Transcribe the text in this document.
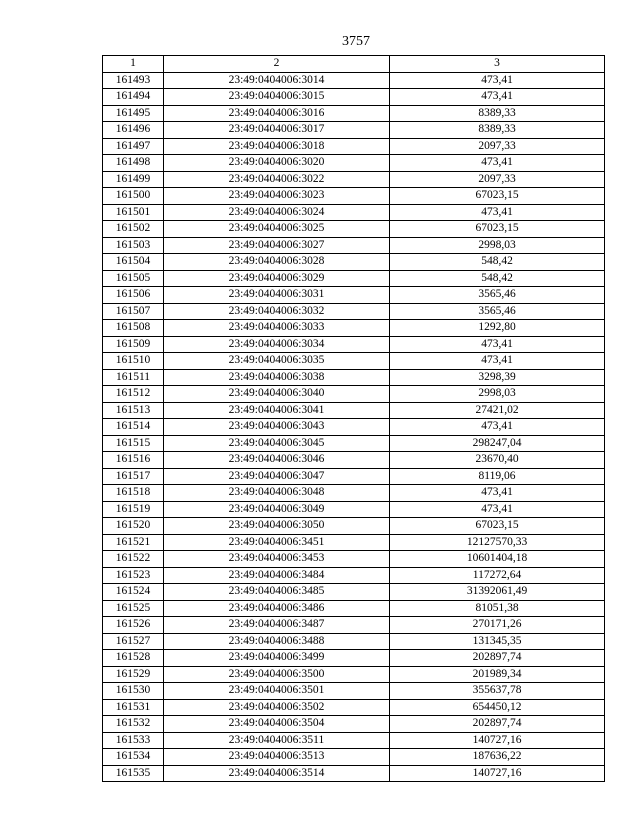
3757
1	2	3
161493	23:49:0404006:3014	473,41
161494	23:49:0404006:3015	473,41
161495	23:49:0404006:3016	8389,33
161496	23:49:0404006:3017	8389,33
161497	23:49:0404006:3018	2097,33
161498	23:49:0404006:3020	473,41
161499	23:49:0404006:3022	2097,33
161500	23:49:0404006:3023	67023,15
161501	23:49:0404006:3024	473,41
161502	23:49:0404006:3025	67023,15
161503	23:49:0404006:3027	2998,03
161504	23:49:0404006:3028	548,42
161505	23:49:0404006:3029	548,42
161506	23:49:0404006:3031	3565,46
161507	23:49:0404006:3032	3565,46
161508	23:49:0404006:3033	1292,80
161509	23:49:0404006:3034	473,41
161510	23:49:0404006:3035	473,41
161511	23:49:0404006:3038	3298,39
161512	23:49:0404006:3040	2998,03
161513	23:49:0404006:3041	27421,02
161514	23:49:0404006:3043	473,41
161515	23:49:0404006:3045	298247,04
161516	23:49:0404006:3046	23670,40
161517	23:49:0404006:3047	8119,06
161518	23:49:0404006:3048	473,41
161519	23:49:0404006:3049	473,41
161520	23:49:0404006:3050	67023,15
161521	23:49:0404006:3451	12127570,33
161522	23:49:0404006:3453	10601404,18
161523	23:49:0404006:3484	117272,64
161524	23:49:0404006:3485	31392061,49
161525	23:49:0404006:3486	81051,38
161526	23:49:0404006:3487	270171,26
161527	23:49:0404006:3488	131345,35
161528	23:49:0404006:3499	202897,74
161529	23:49:0404006:3500	201989,34
161530	23:49:0404006:3501	355637,78
161531	23:49:0404006:3502	654450,12
161532	23:49:0404006:3504	202897,74
161533	23:49:0404006:3511	140727,16
161534	23:49:0404006:3513	187636,22
161535	23:49:0404006:3514	140727,16
